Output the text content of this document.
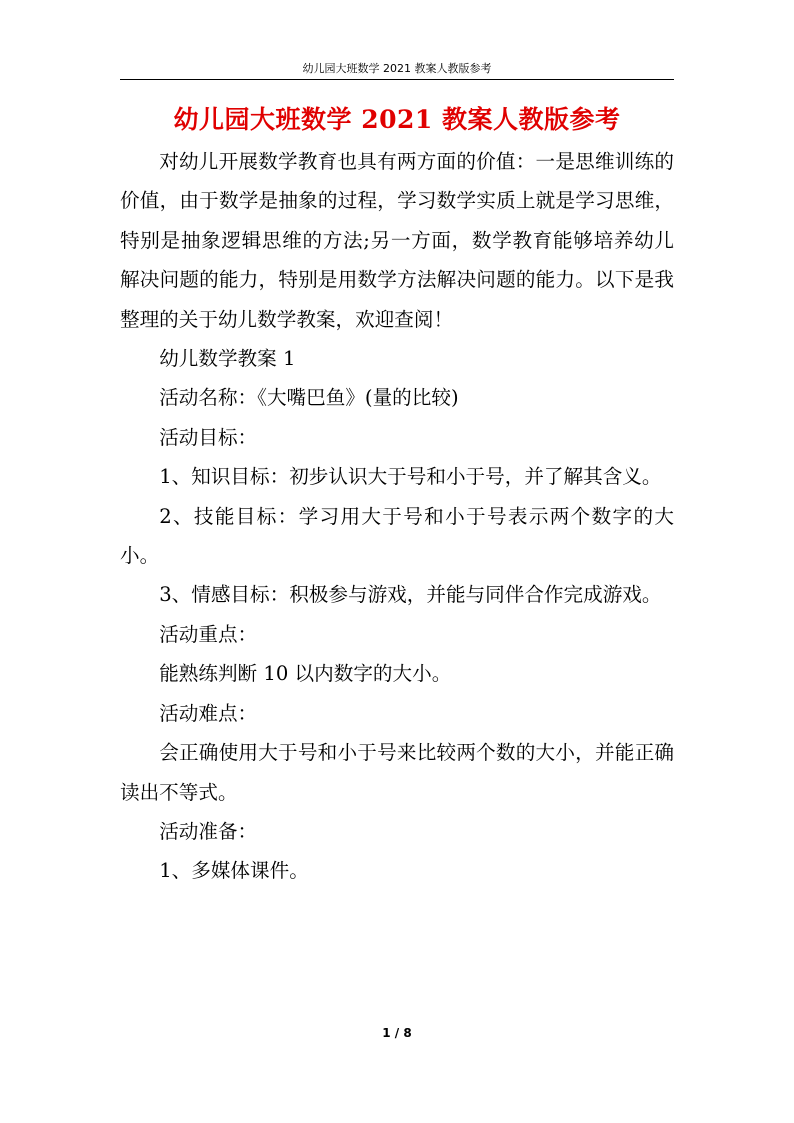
幼儿园大班数学 2021 教案人教版参考
幼儿园大班数学 2021 教案人教版参考

对幼儿开展数学教育也具有两方面的价值：一是思维训练的价值，由于数学是抽象的过程，学习数学实质上就是学习思维，特别是抽象逻辑思维的方法;另一方面，数学教育能够培养幼儿解决问题的能力，特别是用数学方法解决问题的能力。以下是我整理的关于幼儿数学教案，欢迎查阅！

幼儿数学教案 1

活动名称：《大嘴巴鱼》(量的比较)

活动目标：

1、知识目标：初步认识大于号和小于号，并了解其含义。

2、技能目标：学习用大于号和小于号表示两个数字的大小。

3、情感目标：积极参与游戏，并能与同伴合作完成游戏。

活动重点：

能熟练判断 10 以内数字的大小。

活动难点：

会正确使用大于号和小于号来比较两个数的大小，并能正确读出不等式。

活动准备：

1、多媒体课件。

1 / 8
